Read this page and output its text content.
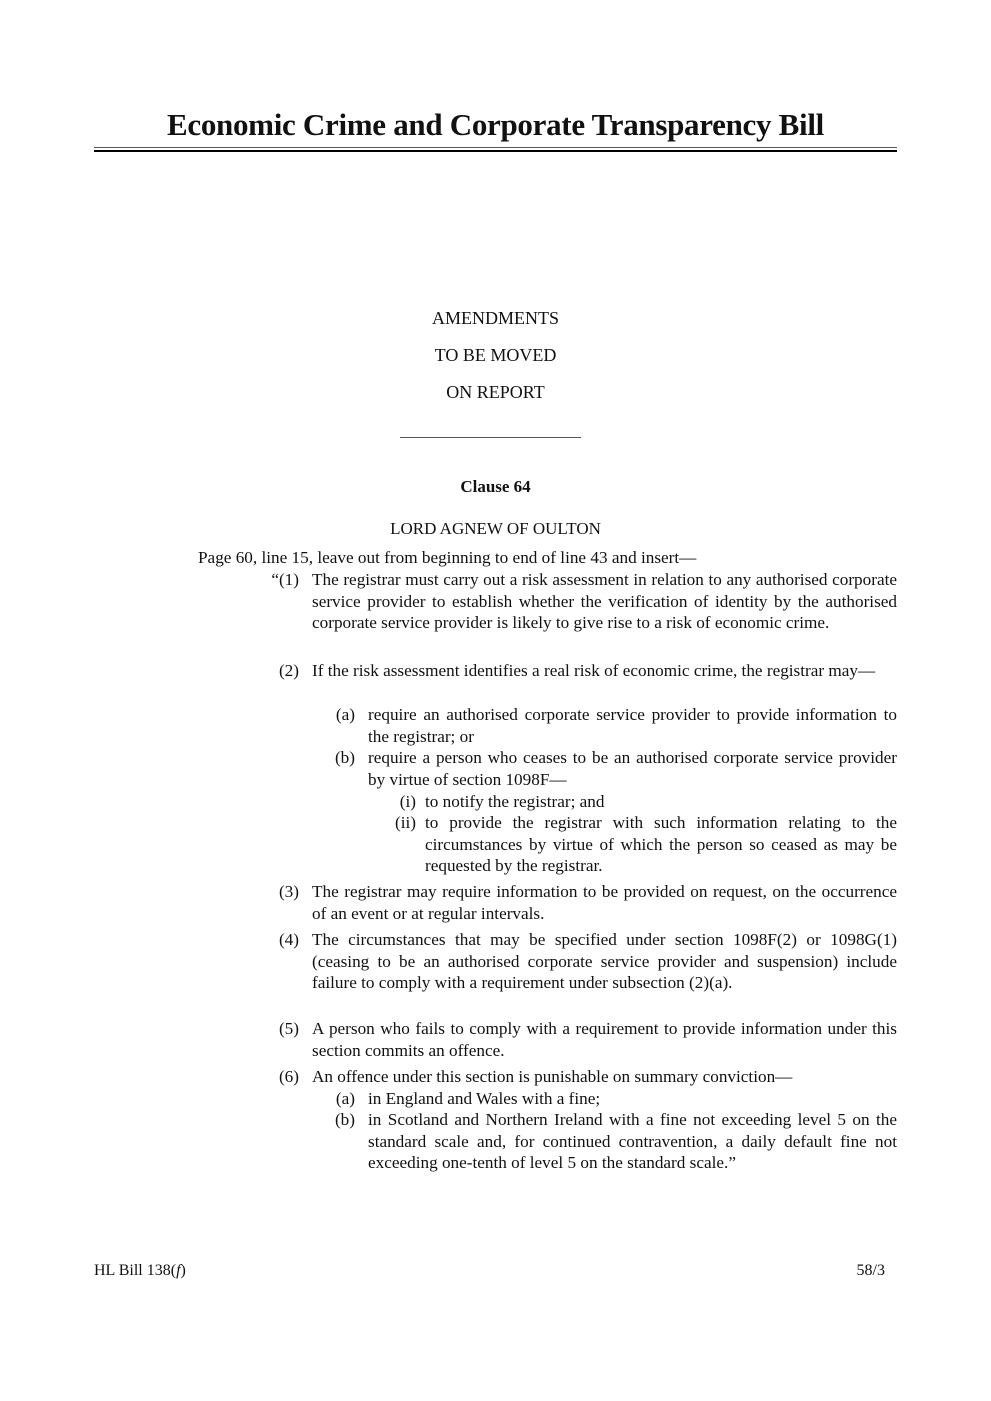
Economic Crime and Corporate Transparency Bill
AMENDMENTS
TO BE MOVED
ON REPORT
Clause 64
LORD AGNEW OF OULTON
Page 60, line 15, leave out from beginning to end of line 43 and insert—
“(1) The registrar must carry out a risk assessment in relation to any authorised corporate service provider to establish whether the verification of identity by the authorised corporate service provider is likely to give rise to a risk of economic crime.
(2) If the risk assessment identifies a real risk of economic crime, the registrar may—
(a) require an authorised corporate service provider to provide information to the registrar; or
(b) require a person who ceases to be an authorised corporate service provider by virtue of section 1098F—
(i) to notify the registrar; and
(ii) to provide the registrar with such information relating to the circumstances by virtue of which the person so ceased as may be requested by the registrar.
(3) The registrar may require information to be provided on request, on the occurrence of an event or at regular intervals.
(4) The circumstances that may be specified under section 1098F(2) or 1098G(1) (ceasing to be an authorised corporate service provider and suspension) include failure to comply with a requirement under subsection (2)(a).
(5) A person who fails to comply with a requirement to provide information under this section commits an offence.
(6) An offence under this section is punishable on summary conviction—
(a) in England and Wales with a fine;
(b) in Scotland and Northern Ireland with a fine not exceeding level 5 on the standard scale and, for continued contravention, a daily default fine not exceeding one-tenth of level 5 on the standard scale.”
HL Bill 138(f)	58/3
